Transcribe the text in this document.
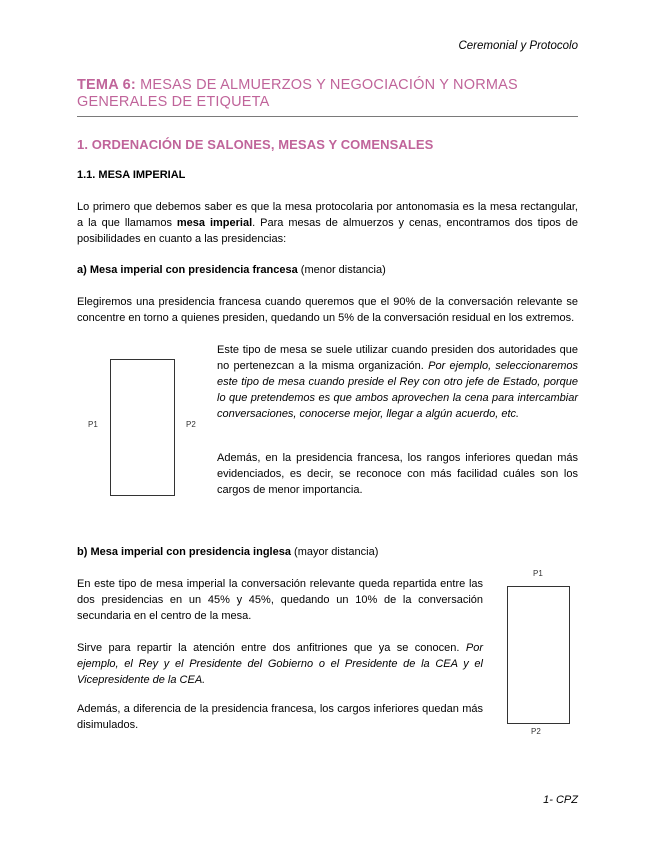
Ceremonial y Protocolo
TEMA 6: MESAS DE ALMUERZOS Y NEGOCIACIÓN Y NORMAS GENERALES DE ETIQUETA
1. ORDENACIÓN DE SALONES, MESAS Y COMENSALES
1.1. MESA IMPERIAL
Lo primero que debemos saber es que la mesa protocolaria por antonomasia es la mesa rectangular, a la que llamamos mesa imperial. Para mesas de almuerzos y cenas, encontramos dos tipos de posibilidades en cuanto a las presidencias:
a) Mesa imperial con presidencia francesa (menor distancia)
Elegiremos una presidencia francesa cuando queremos que el 90% de la conversación relevante se concentre en torno a quienes presiden, quedando un 5% de la conversación residual en los extremos.
P1	P2
Este tipo de mesa se suele utilizar cuando presiden dos autoridades que no pertenezcan a la misma organización. Por ejemplo, seleccionaremos este tipo de mesa cuando preside el Rey con otro jefe de Estado, porque lo que pretendemos es que ambos aprovechen la cena para intercambiar conversaciones, conocerse mejor, llegar a algún acuerdo, etc.
Además, en la presidencia francesa, los rangos inferiores quedan más evidenciados, es decir, se reconoce con más facilidad cuáles son los cargos de menor importancia.
b) Mesa imperial con presidencia inglesa (mayor distancia)
En este tipo de mesa imperial la conversación relevante queda repartida entre las dos presidencias en un 45% y 45%, quedando un 10% de la conversación secundaria en el centro de la mesa.
Sirve para repartir la atención entre dos anfitriones que ya se conocen. Por ejemplo, el Rey y el Presidente del Gobierno o el Presidente de la CEA y el Vicepresidente de la CEA.
Además, a diferencia de la presidencia francesa, los cargos inferiores quedan más disimulados.
P1
P2
1- CPZ
